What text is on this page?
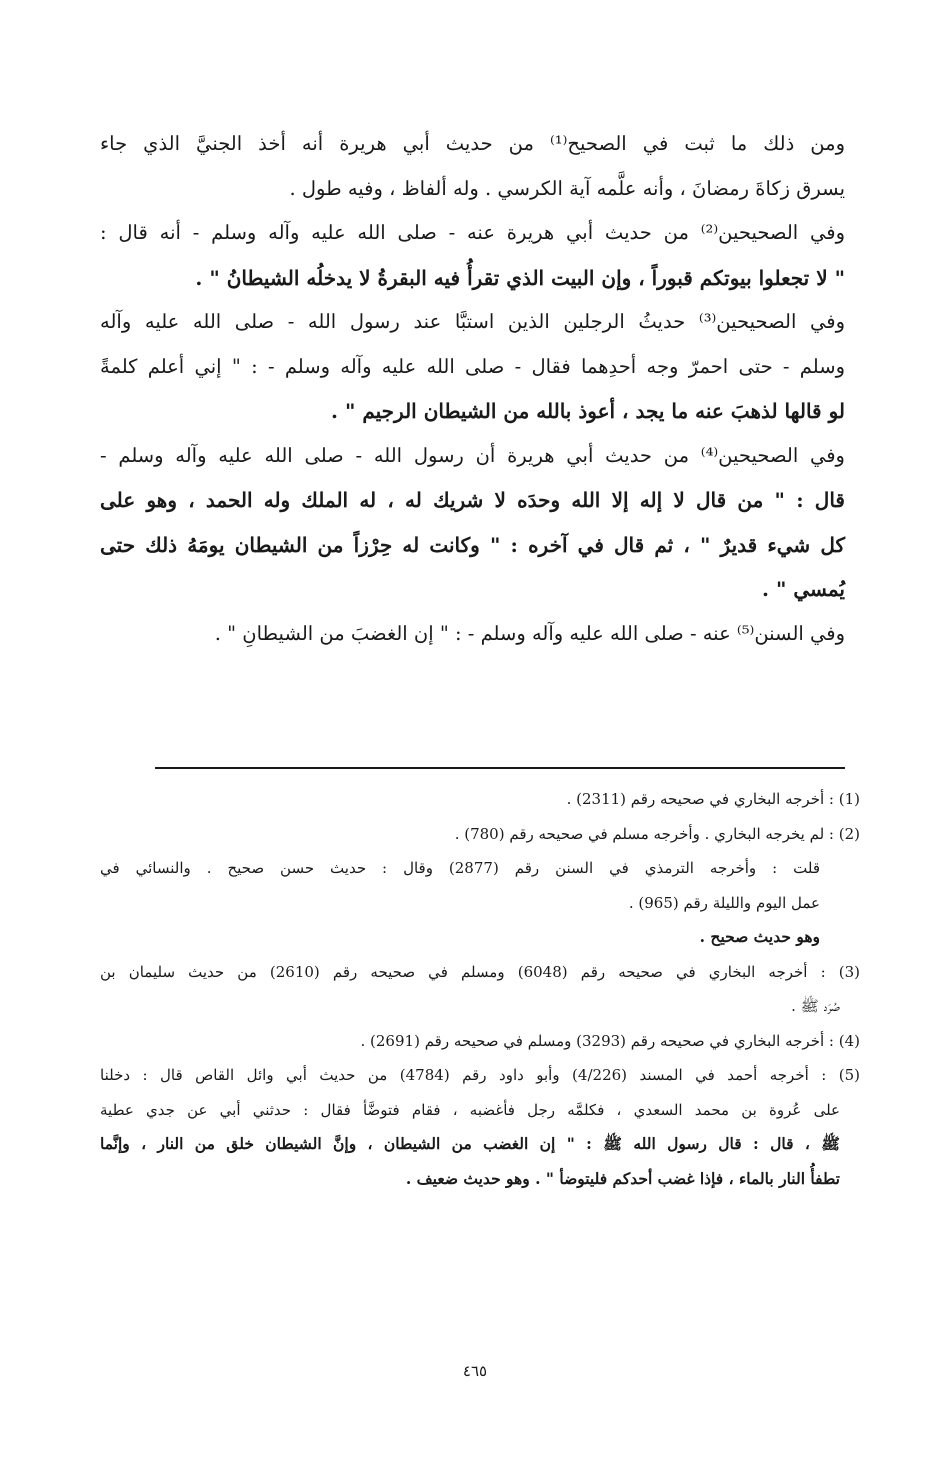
ومن ذلك ما ثبت في الصحيح⁽¹⁾ من حديث أبي هريرة أنه أخذ الجنيَّ الذي جاء
يسرق زكاةَ رمضانَ ، وأنه علَّمه آية الكرسي . وله ألفاظ ، وفيه طول .

وفي الصحيحين⁽²⁾ من حديث أبي هريرة عنه - صلى الله عليه وآله وسلم - أنه قال :
" لا تجعلوا بيوتكم قبوراً ، وإن البيت الذي تقرأُ فيه البقرةُ لا يدخلُه الشيطانُ " .

وفي الصحيحين⁽³⁾ حديثُ الرجلين الذين استبَّا عند رسول الله - صلى الله عليه وآله
وسلم - حتى احمرّ وجه أحدِهما فقال - صلى الله عليه وآله وسلم - : " إني أعلم كلمةً
لو قالها لذهبَ عنه ما يجد ، أعوذ بالله من الشيطان الرجيم " .

وفي الصحيحين⁽⁴⁾ من حديث أبي هريرة أن رسول الله - صلى الله عليه وآله وسلم -
قال : " من قال لا إله إلا الله وحدَه لا شريك له ، له الملك وله الحمد ، وهو على
كل شيء قديرٌ " ، ثم قال في آخره : " وكانت له حِرْزاً من الشيطان يومَهُ ذلك حتى
يُمسي " .

وفي السنن⁽⁵⁾ عنه - صلى الله عليه وآله وسلم - : " إن الغضبَ من الشيطانِ " .

(1) : أخرجه البخاري في صحيحه رقم (2311) .

(2) : لم يخرجه البخاري . وأخرجه مسلم في صحيحه رقم (780) .

قلت : وأخرجه الترمذي في السنن رقم (2877) وقال : حديث حسن صحيح . والنسائي في
عمل اليوم والليلة رقم (965) .

وهو حديث صحيح .

(3) : أخرجه البخاري في صحيحه رقم (6048) ومسلم في صحيحه رقم (2610) من حديث سليمان بن
صُرَد ﷺ .

(4) : أخرجه البخاري في صحيحه رقم (3293) ومسلم في صحيحه رقم (2691) .

(5) : أخرجه أحمد في المسند (4/226) وأبو داود رقم (4784) من حديث أبي وائل القاص قال : دخلنا
على عُروة بن محمد السعدي ، فكلمَّه رجل فأغضبه ، فقام فتوضَّأ فقال : حدثني أبي عن جدي عطية
ﷺ ، قال : قال رسول الله ﷺ : " إن الغضب من الشيطان ، وإنَّ الشيطان خلق من النار ، وإنَّما
تطفأُ النار بالماء ، فإذا غضب أحدكم فليتوضأ " . وهو حديث ضعيف .

٤٦٥
